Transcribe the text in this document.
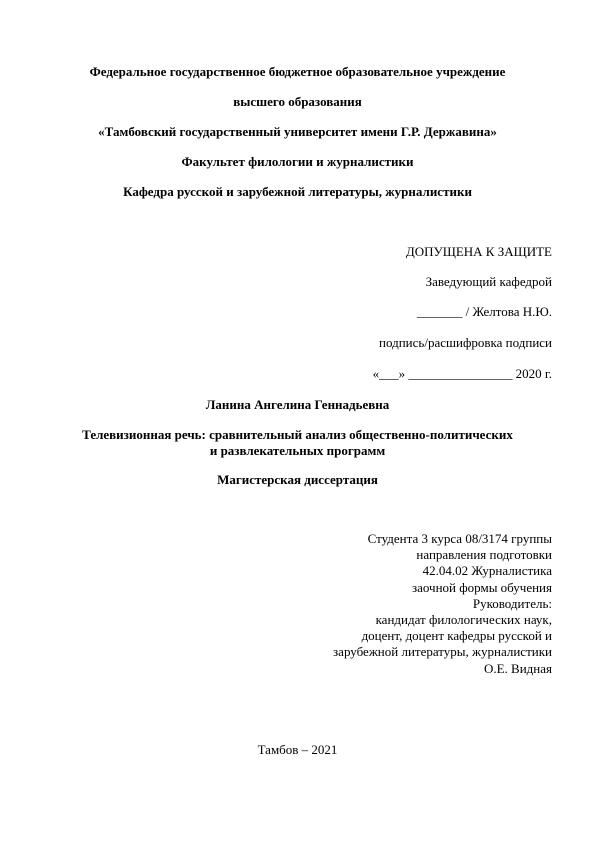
Федеральное государственное бюджетное образовательное учреждение
высшего образования
«Тамбовский государственный университет имени Г.Р. Державина»
Факультет филологии и журналистики
Кафедра русской и зарубежной литературы, журналистики
ДОПУЩЕНА К ЗАЩИТЕ
Заведующий кафедрой
_______ / Желтова Н.Ю.
подпись/расшифровка подписи
«___» ________________ 2020 г.
Ланина Ангелина Геннадьевна
Телевизионная речь: сравнительный анализ общественно-политических
и развлекательных программ
Магистерская диссертация
Студента 3 курса 08/3174 группы
направления подготовки
42.04.02 Журналистика
заочной формы обучения
Руководитель:
кандидат филологических наук,
доцент, доцент кафедры русской и
зарубежной литературы, журналистики
О.Е. Видная
Тамбов – 2021
